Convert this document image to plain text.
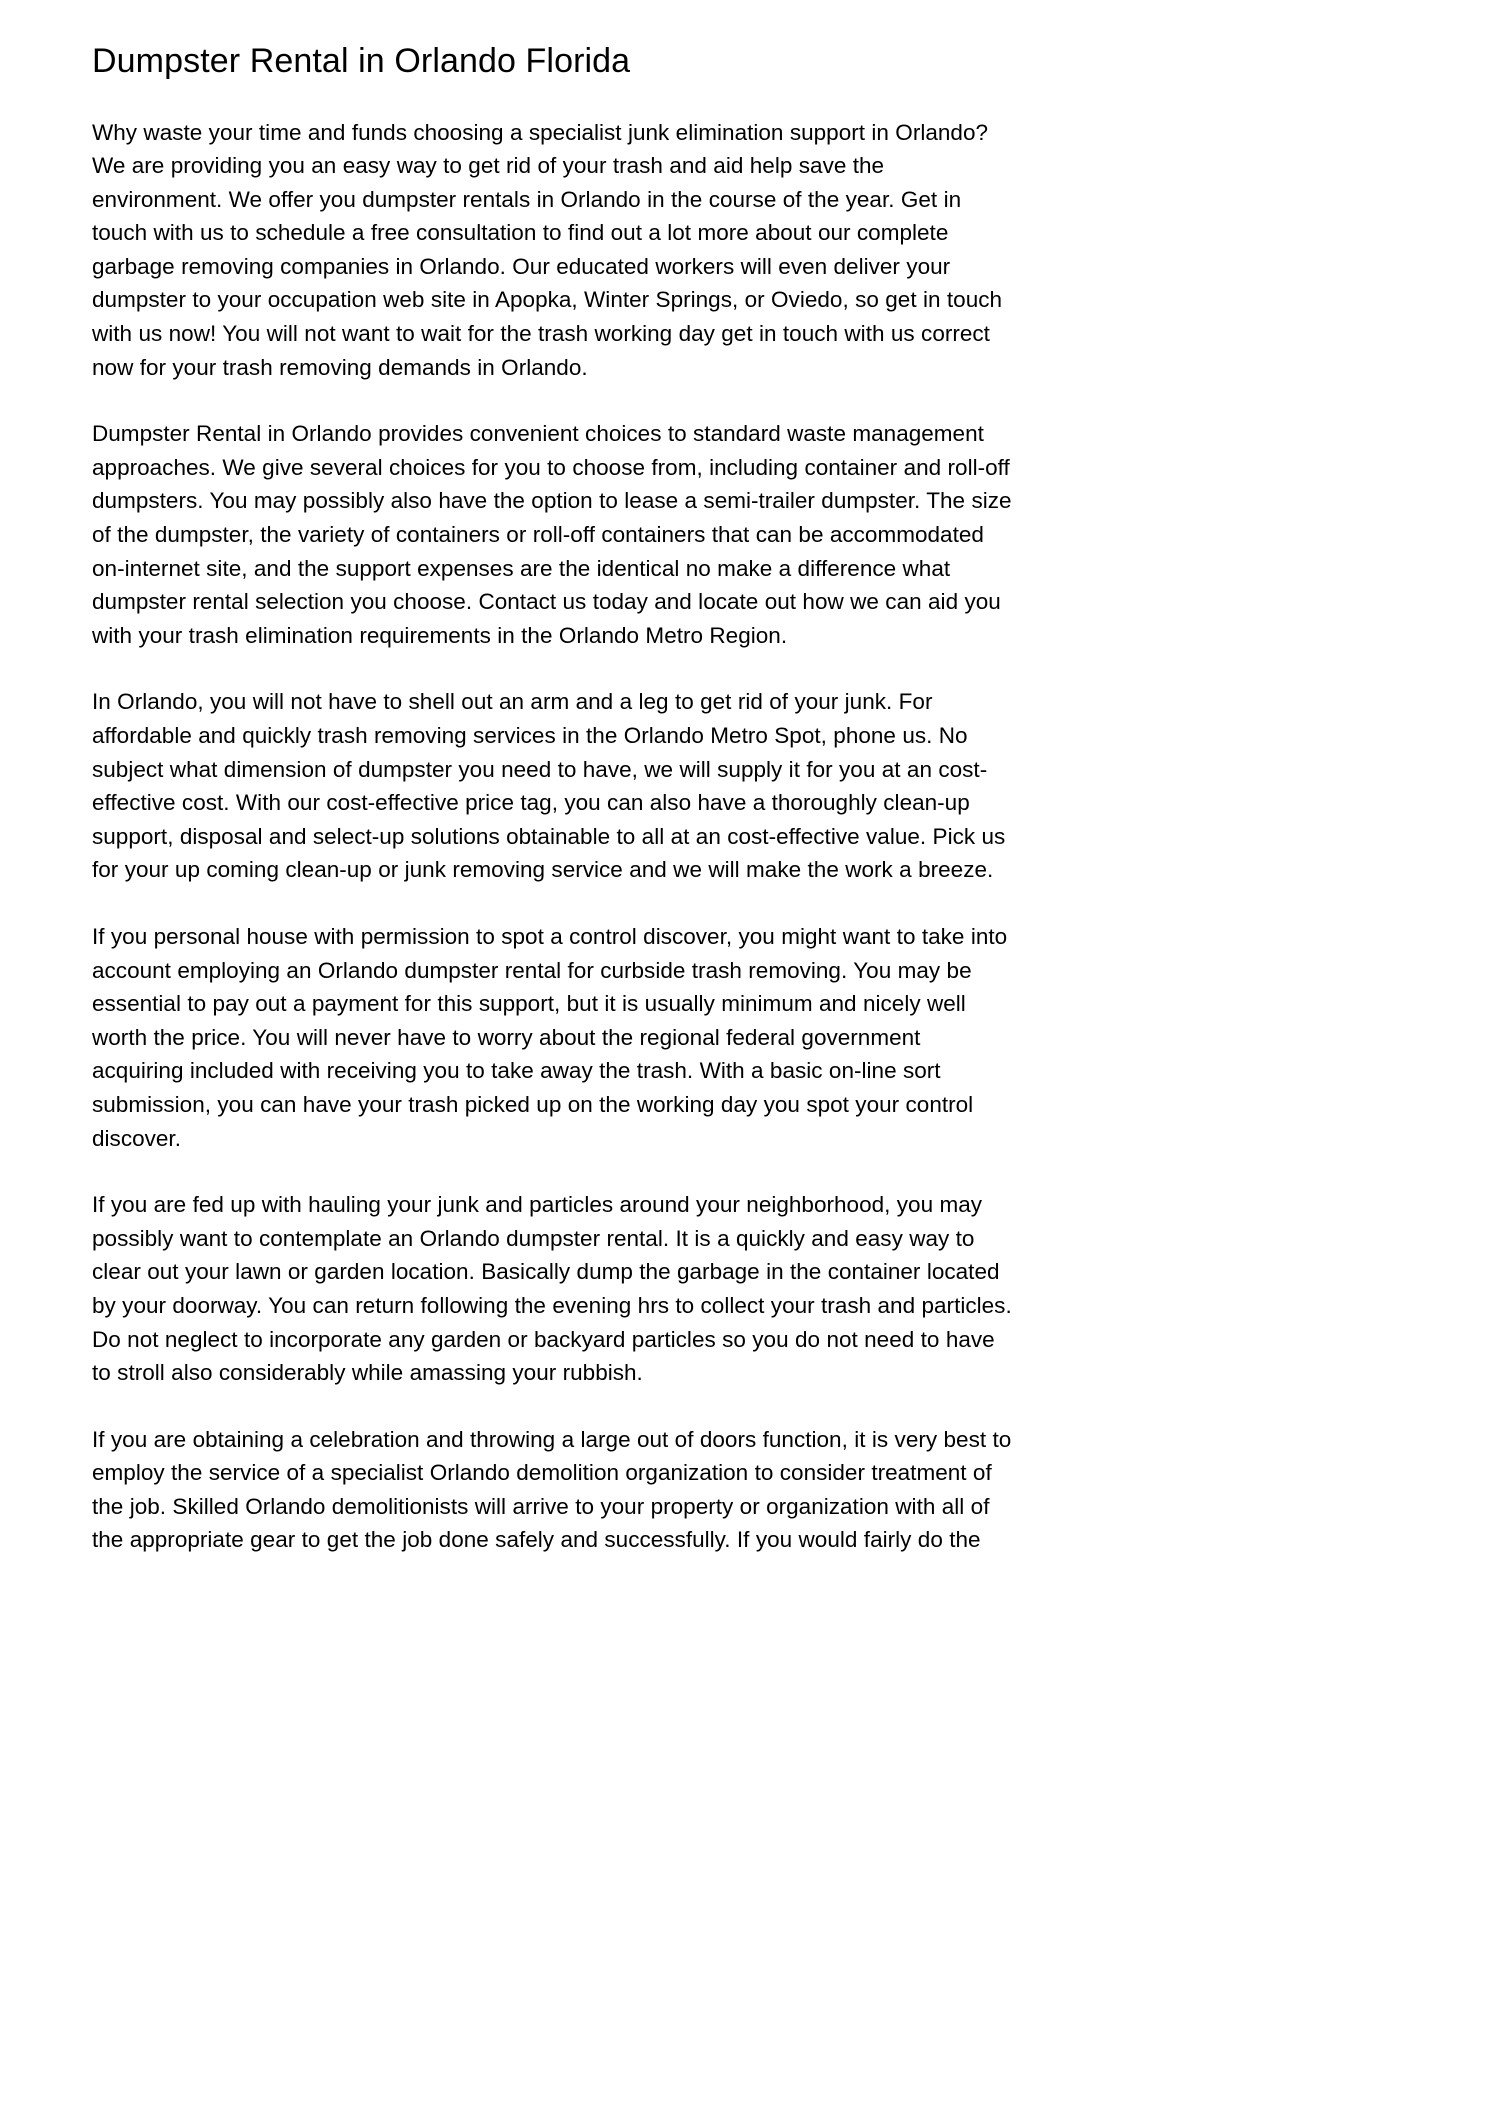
Dumpster Rental in Orlando Florida

Why waste your time and funds choosing a specialist junk elimination support in Orlando? We are providing you an easy way to get rid of your trash and aid help save the environment. We offer you dumpster rentals in Orlando in the course of the year. Get in touch with us to schedule a free consultation to find out a lot more about our complete garbage removing companies in Orlando. Our educated workers will even deliver your dumpster to your occupation web site in Apopka, Winter Springs, or Oviedo, so get in touch with us now! You will not want to wait for the trash working day get in touch with us correct now for your trash removing demands in Orlando.

Dumpster Rental in Orlando provides convenient choices to standard waste management approaches. We give several choices for you to choose from, including container and roll-off dumpsters. You may possibly also have the option to lease a semi-trailer dumpster. The size of the dumpster, the variety of containers or roll-off containers that can be accommodated on-internet site, and the support expenses are the identical no make a difference what dumpster rental selection you choose. Contact us today and locate out how we can aid you with your trash elimination requirements in the Orlando Metro Region.

In Orlando, you will not have to shell out an arm and a leg to get rid of your junk. For affordable and quickly trash removing services in the Orlando Metro Spot, phone us. No subject what dimension of dumpster you need to have, we will supply it for you at an cost-effective cost. With our cost-effective price tag, you can also have a thoroughly clean-up support, disposal and select-up solutions obtainable to all at an cost-effective value. Pick us for your up coming clean-up or junk removing service and we will make the work a breeze.

If you personal house with permission to spot a control discover, you might want to take into account employing an Orlando dumpster rental for curbside trash removing. You may be essential to pay out a payment for this support, but it is usually minimum and nicely well worth the price. You will never have to worry about the regional federal government acquiring included with receiving you to take away the trash. With a basic on-line sort submission, you can have your trash picked up on the working day you spot your control discover.

If you are fed up with hauling your junk and particles around your neighborhood, you may possibly want to contemplate an Orlando dumpster rental. It is a quickly and easy way to clear out your lawn or garden location. Basically dump the garbage in the container located by your doorway. You can return following the evening hrs to collect your trash and particles. Do not neglect to incorporate any garden or backyard particles so you do not need to have to stroll also considerably while amassing your rubbish.

If you are obtaining a celebration and throwing a large out of doors function, it is very best to employ the service of a specialist Orlando demolition organization to consider treatment of the job. Skilled Orlando demolitionists will arrive to your property or organization with all of the appropriate gear to get the job done safely and successfully. If you would fairly do the
